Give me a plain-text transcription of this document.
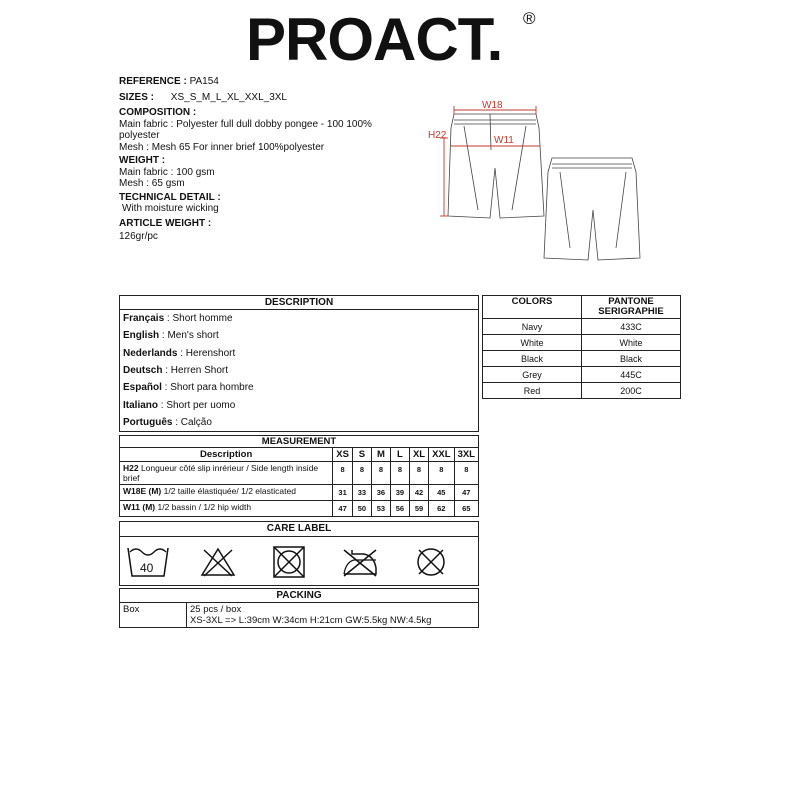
PROACT. ®
REFERENCE : PA154
SIZES : XS_S_M_L_XL_XXL_3XL
COMPOSITION :
Main fabric : Polyester full dull dobby pongee - 100 100%
polyester
Mesh : Mesh 65 For inner brief 100%polyester
WEIGHT :
Main fabric : 100 gsm
Mesh : 65 gsm
TECHNICAL DETAIL :
With moisture wicking
ARTICLE WEIGHT :
126gr/pc
W18
H22	W11
DESCRIPTION
Français : Short homme
English : Men's short
Nederlands : Herenshort
Deutsch : Herren Short
Español : Short para hombre
Italiano : Short per uomo
Português : Calção
COLORS	PANTONE
SERIGRAPHIE
Navy	433C
White	White
Black	Black
Grey	445C
Red	200C
MEASUREMENT							
Description	XS	S	M	L	XL	XXL	3XL
H22 Longueur côté slip inrérieur / Side length inside brief	8	8	8	8	8	8	8
W18E (M) 1/2 taille élastiquée/ 1/2 elasticated	31	33	36	39	42	45	47
W11 (M) 1/2 bassin / 1/2 hip width	47	50	53	56	59	62	65
CARE LABEL
40
PACKING
Box	25 pcs / box
XS-3XL => L:39cm W:34cm H:21cm GW:5.5kg NW:4.5kg
